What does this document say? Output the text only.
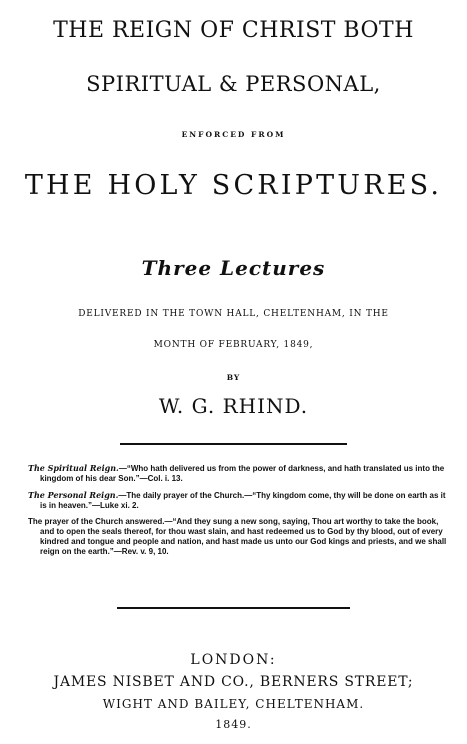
THE REIGN OF CHRIST BOTH
SPIRITUAL & PERSONAL,
ENFORCED FROM
THE HOLY SCRIPTURES.
Three Lectures
DELIVERED IN THE TOWN HALL, CHELTENHAM, IN THE
MONTH OF FEBRUARY, 1849,
BY
W. G. RHIND.

The Spiritual Reign.—“Who hath delivered us from the power of darkness, and hath translated us into the kingdom of his dear Son.”—Col. i. 13.

The Personal Reign.—The daily prayer of the Church.—“Thy kingdom come, thy will be done on earth as it is in heaven.”—Luke xi. 2.

The prayer of the Church answered.—“And they sung a new song, saying, Thou art worthy to take the book, and to open the seals thereof, for thou wast slain, and hast redeemed us to God by thy blood, out of every kindred and tongue and people and nation, and hast made us unto our God kings and priests, and we shall reign on the earth.”—Rev. v. 9, 10.

LONDON:
JAMES NISBET AND CO., BERNERS STREET;
WIGHT AND BAILEY, CHELTENHAM.
1849.
